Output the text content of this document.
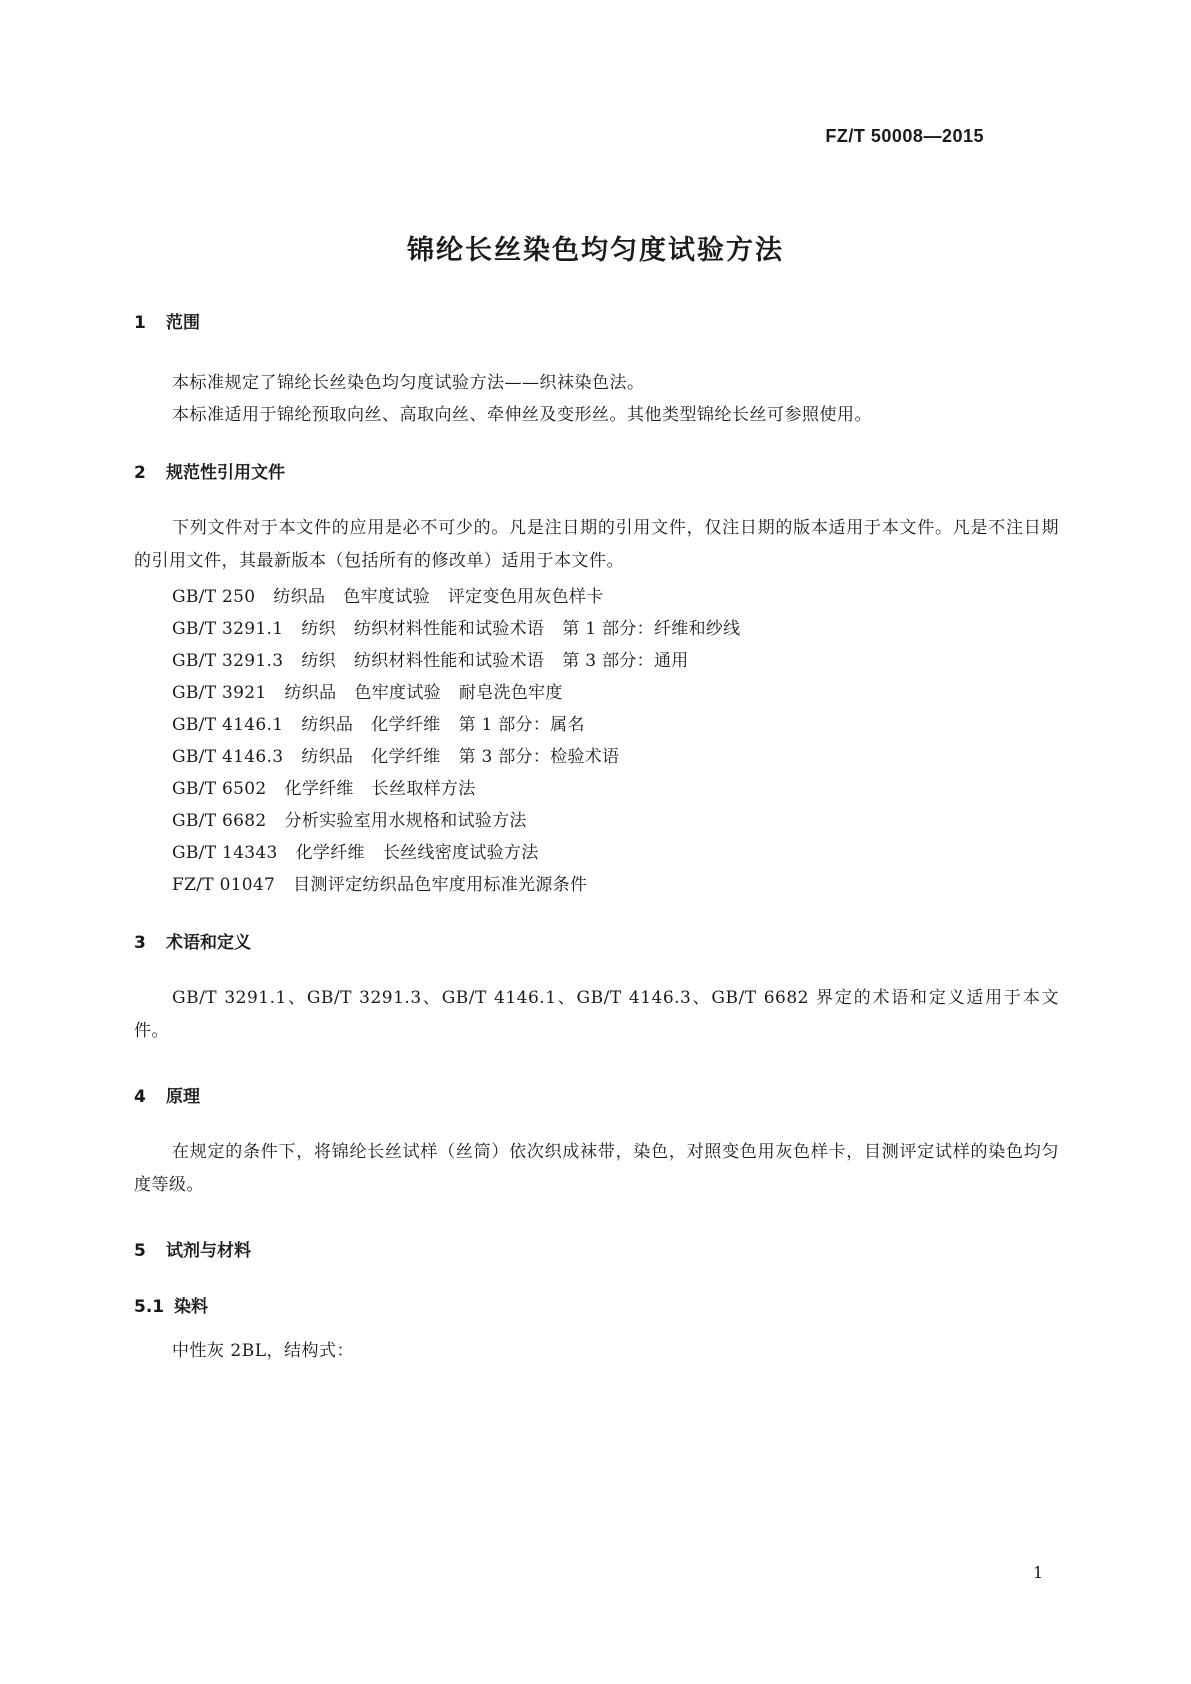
FZ/T 50008—2015
锦纶长丝染色均匀度试验方法
1 范围
本标准规定了锦纶长丝染色均匀度试验方法——织袜染色法。
本标准适用于锦纶预取向丝、高取向丝、牵伸丝及变形丝。其他类型锦纶长丝可参照使用。
2 规范性引用文件
下列文件对于本文件的应用是必不可少的。凡是注日期的引用文件，仅注日期的版本适用于本文件。凡是不注日期的引用文件，其最新版本（包括所有的修改单）适用于本文件。
GB/T 250 纺织品 色牢度试验 评定变色用灰色样卡
GB/T 3291.1 纺织 纺织材料性能和试验术语 第 1 部分：纤维和纱线
GB/T 3291.3 纺织 纺织材料性能和试验术语 第 3 部分：通用
GB/T 3921 纺织品 色牢度试验 耐皂洗色牢度
GB/T 4146.1 纺织品 化学纤维 第 1 部分：属名
GB/T 4146.3 纺织品 化学纤维 第 3 部分：检验术语
GB/T 6502 化学纤维 长丝取样方法
GB/T 6682 分析实验室用水规格和试验方法
GB/T 14343 化学纤维 长丝线密度试验方法
FZ/T 01047 目测评定纺织品色牢度用标准光源条件
3 术语和定义
GB/T 3291.1、GB/T 3291.3、GB/T 4146.1、GB/T 4146.3、GB/T 6682 界定的术语和定义适用于本文件。
4 原理
在规定的条件下，将锦纶长丝试样（丝筒）依次织成袜带，染色，对照变色用灰色样卡，目测评定试样的染色均匀度等级。
5 试剂与材料
5.1 染料
中性灰 2BL，结构式：
1
